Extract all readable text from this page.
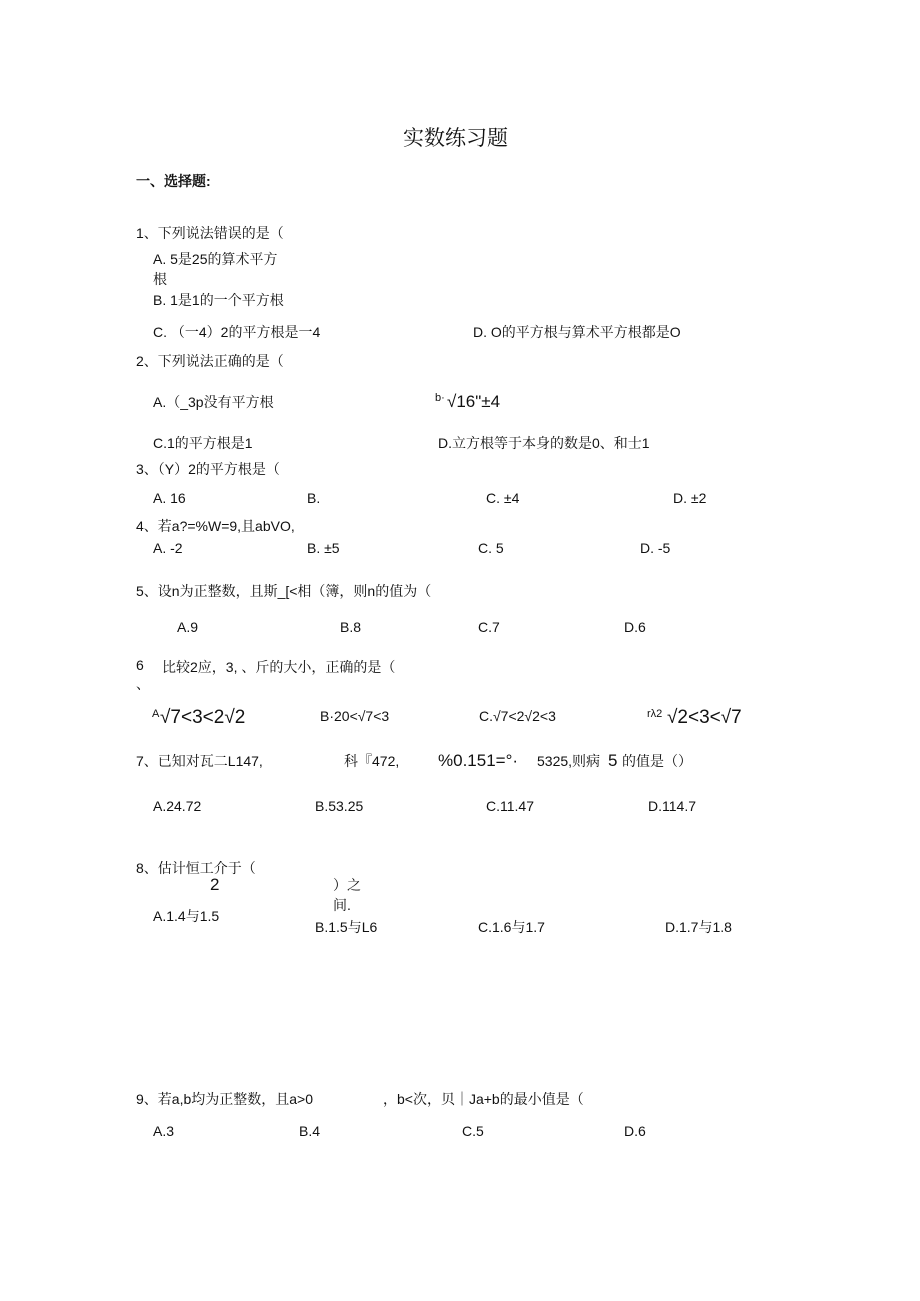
实数练习题
一、选择题:
1、下列说法错误的是（
A. 5是25的算术平方
根
B. 1是1的一个平方根
C. （一4）2的平方根是一4	D. O的平方根与算术平方根都是O
2、下列说法正确的是（
A.（_3p没有平方根	b· √16"±4
C.1的平方根是1	D.立方根等于本身的数是0、和士1
3、（Y）2的平方根是（
A. 16	B.	C. ±4	D. ±2
4、若a?=%W=9,且abVO,
A. -2	B. ±5	C. 5	D. -5
5、设n为正整数，且斯_[<相（簿，则n的值为（
A.9	B.8	C.7	D.6
6
、
比较2应，3, 、斤的大小，正确的是（
A √7<3<2√2	B·20<√7<3	C.√7<2√2<3	rλ2 √2<3<√7
7、已知对瓦二L147,	科『472, %0.151=°· 5325,则病 5 的值是（）
A.24.72	B.53.25	C.11.47	D.114.7
8、估计恒工介于（
2	）之
间.
A.1.4与1.5
B.1.5与L6	C.1.6与1.7	D.1.7与1.8
9、若a,b均为正整数，且a>0	，b<次，贝｜Ja+b的最小值是（
A.3	B.4	C.5	D.6
